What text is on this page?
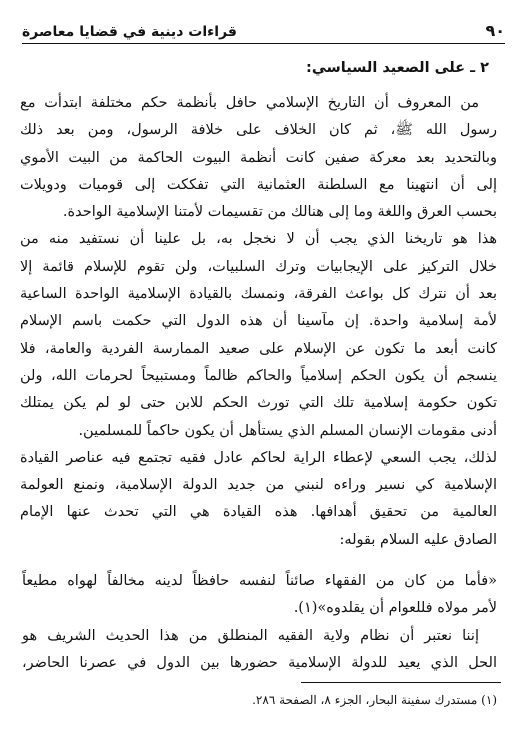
٩٠
قراءات دينية في قضايا معاصرة
٢ ـ على الصعيد السياسي:
من المعروف أن التاريخ الإسلامي حافل بأنظمة حكم مختلفة ابتدأت مع
رسول الله ﷺ، ثم كان الخلاف على خلافة الرسول، ومن بعد ذلك
وبالتحديد بعد معركة صفين كانت أنظمة البيوت الحاكمة من البيت الأموي
إلى أن انتهينا مع السلطنة العثمانية التي تفككت إلى قوميات ودويلات
بحسب العرق واللغة وما إلى هنالك من تقسيمات لأمتنا الإسلامية الواحدة.
هذا هو تاريخنا الذي يجب أن لا نخجل به، بل علينا أن نستفيد منه من
خلال التركيز على الإيجابيات وترك السلبيات، ولن تقوم للإسلام قائمة إلا
بعد أن نترك كل بواعث الفرقة، ونمسك بالقيادة الإسلامية الواحدة الساعية
لأمة إسلامية واحدة. إن مآسينا أن هذه الدول التي حكمت باسم الإسلام
كانت أبعد ما تكون عن الإسلام على صعيد الممارسة الفردية والعامة، فلا
ينسجم أن يكون الحكم إسلامياً والحاكم ظالماً ومستبيحاً لحرمات الله، ولن
تكون حكومة إسلامية تلك التي تورث الحكم للابن حتى لو لم يكن يمتلك
أدنى مقومات الإنسان المسلم الذي يستأهل أن يكون حاكماً للمسلمين.
لذلك، يجب السعي لإعطاء الراية لحاكم عادل فقيه تجتمع فيه عناصر القيادة
الإسلامية كي نسير وراءه لنبني من جديد الدولة الإسلامية، ونمنع العولمة
العالمية من تحقيق أهدافها. هذه القيادة هي التي تحدث عنها الإمام
الصادق عليه السلام بقوله:
«فأما من كان من الفقهاء صائناً لنفسه حافظاً لدينه مخالفاً لهواه مطيعاً
لأمر مولاه فللعوام أن يقلدوه»(١).
إننا نعتبر أن نظام ولاية الفقيه المنطلق من هذا الحديث الشريف هو
الحل الذي يعيد للدولة الإسلامية حضورها بين الدول في عصرنا الحاضر،
(١) مستدرك سفينة البحار، الجزء ٨، الصفحة ٢٨٦.
